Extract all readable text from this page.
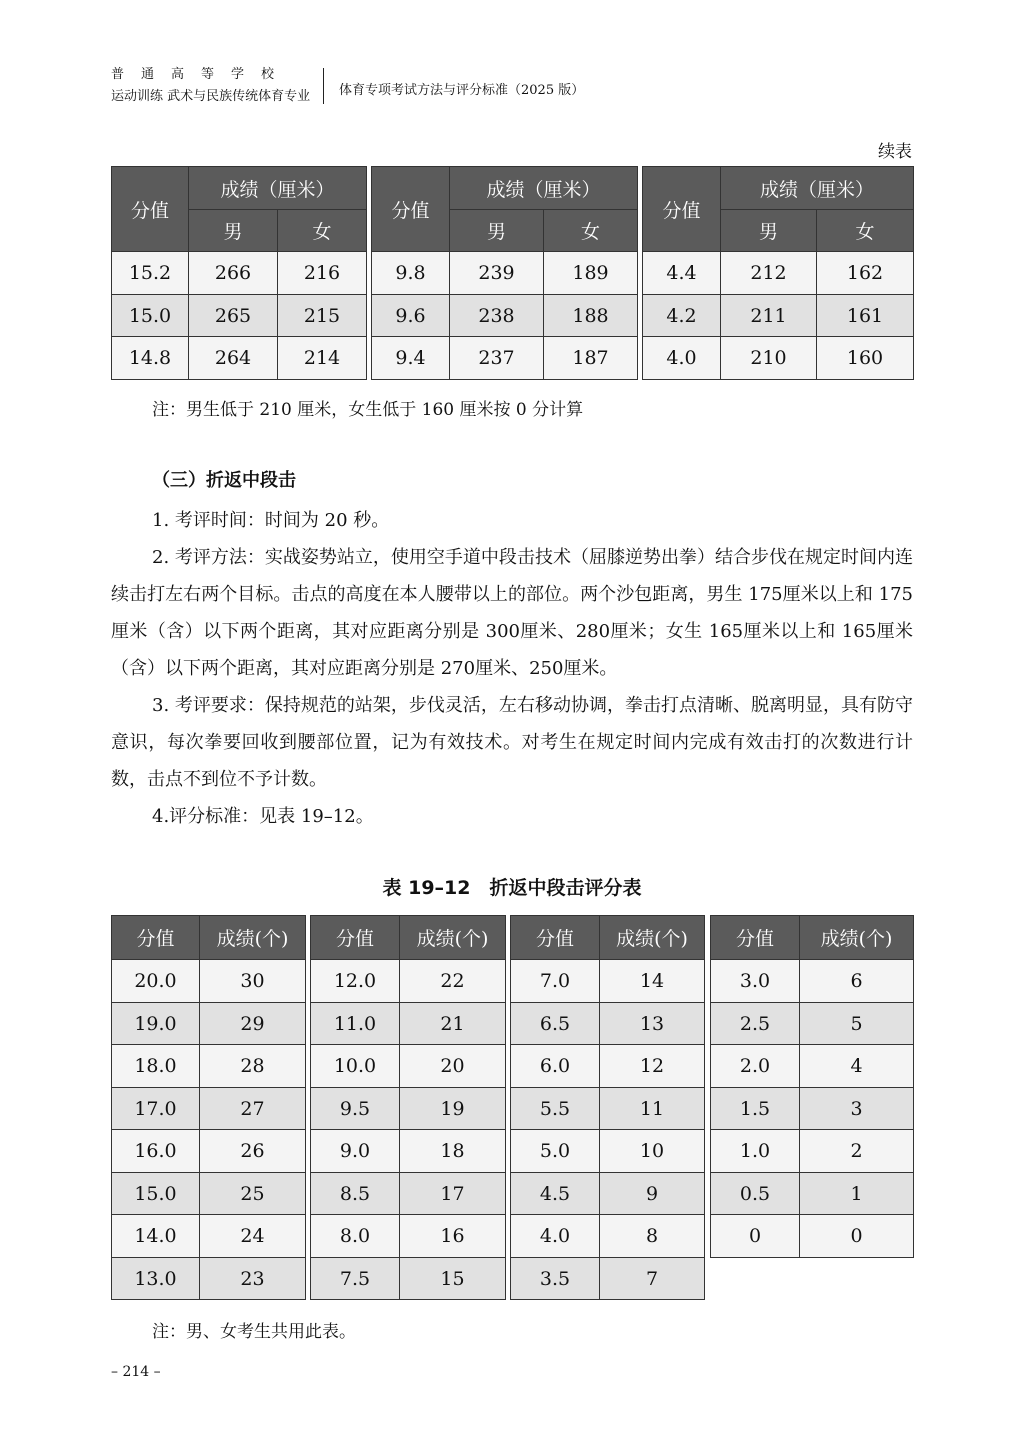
普通高等学校
运动训练 武术与民族传统体育专业 体育专项考试方法与评分标准（2025 版）
续表
分值	成绩（厘米）	
	男	女
15.2	266	216
15.0	265	215
14.8	264	214
分值	成绩（厘米）	
	男	女
9.8	239	189
9.6	238	188
9.4	237	187
分值	成绩（厘米）	
	男	女
4.4	212	162
4.2	211	161
4.0	210	160
注：男生低于 210 厘米，女生低于 160 厘米按 0 分计算
（三）折返中段击

1. 考评时间：时间为 20 秒。

2. 考评方法：实战姿势站立，使用空手道中段击技术（屈膝逆势出拳）结合步伐在规定时间内连续击打左右两个目标。击点的高度在本人腰带以上的部位。两个沙包距离，男生 175厘米以上和 175厘米（含）以下两个距离，其对应距离分别是 300厘米、280厘米；女生 165厘米以上和 165厘米（含）以下两个距离，其对应距离分别是 270厘米、250厘米。

3. 考评要求：保持规范的站架，步伐灵活，左右移动协调，拳击打点清晰、脱离明显，具有防守意识，每次拳要回收到腰部位置，记为有效技术。对考生在规定时间内完成有效击打的次数进行计数，击点不到位不予计数。

4.评分标准：见表 19–12。

表 19–12　折返中段击评分表
分值	成绩(个)
20.0	30
19.0	29
18.0	28
17.0	27
16.0	26
15.0	25
14.0	24
13.0	23
分值	成绩(个)
12.0	22
11.0	21
10.0	20
9.5	19
9.0	18
8.5	17
8.0	16
7.5	15
分值	成绩(个)
7.0	14
6.5	13
6.0	12
5.5	11
5.0	10
4.5	9
4.0	8
3.5	7
分值	成绩(个)
3.0	6
2.5	5
2.0	4
1.5	3
1.0	2
0.5	1
0	0
注：男、女考生共用此表。
– 214 –
